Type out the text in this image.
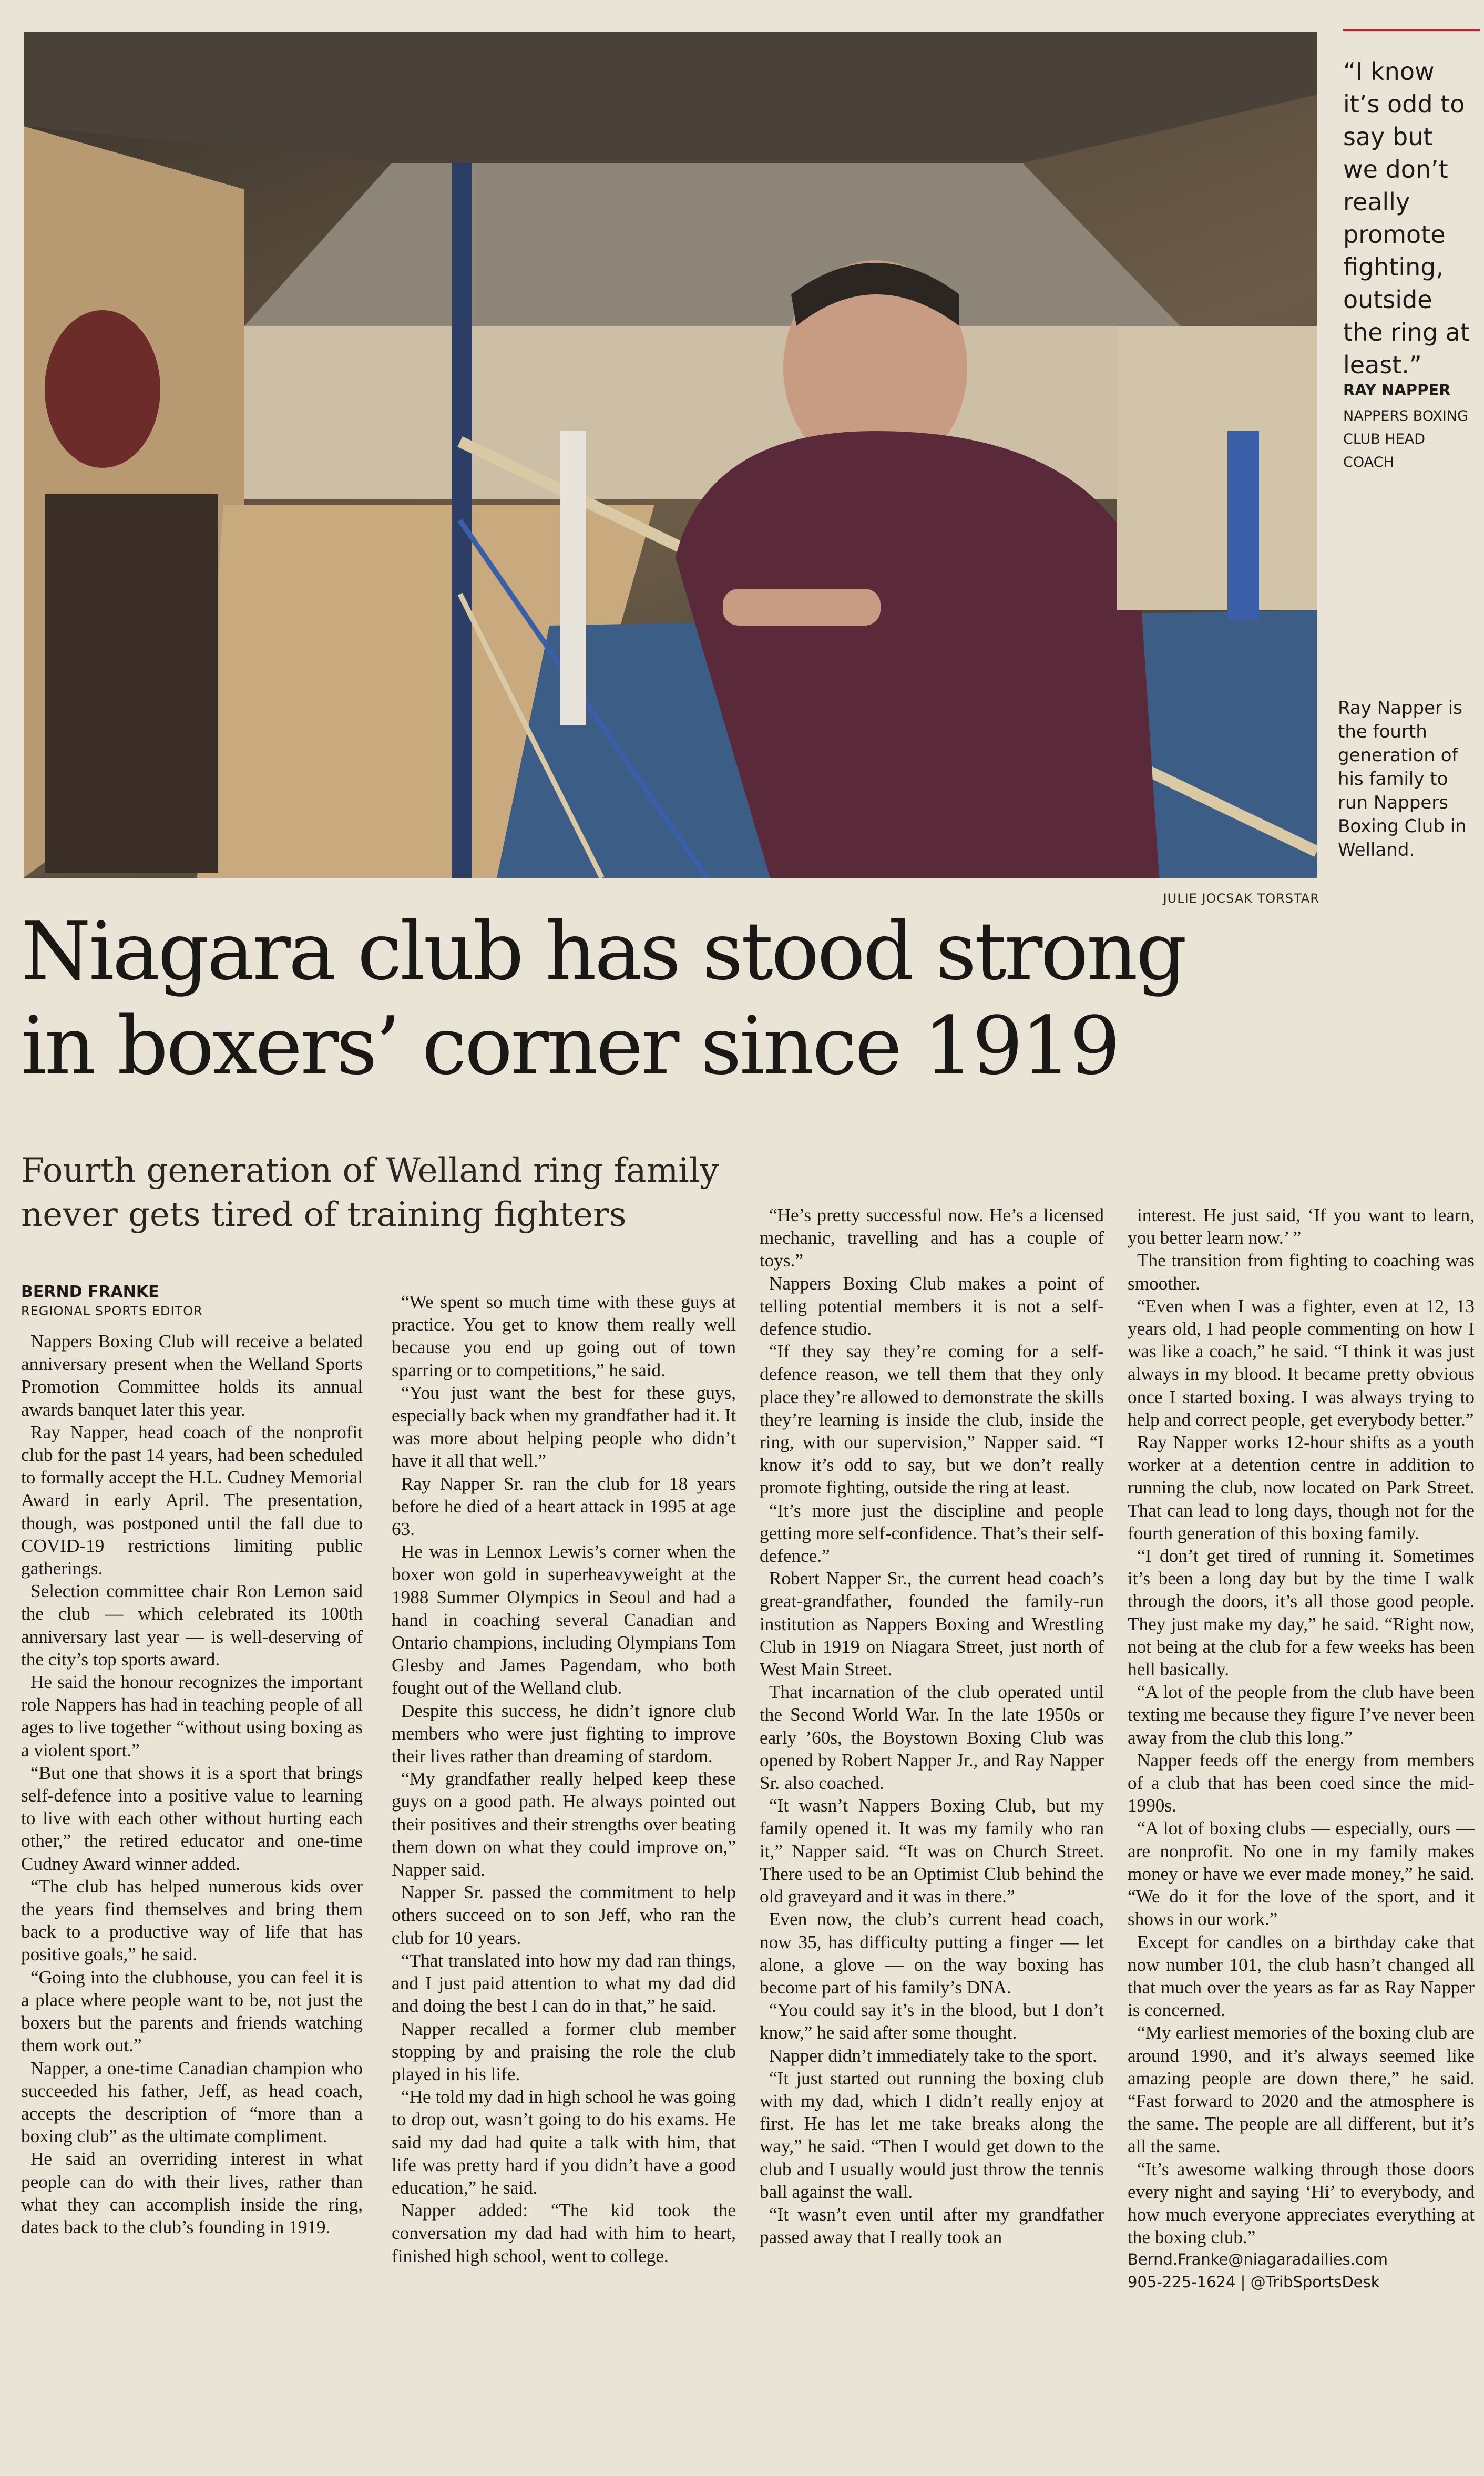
JULIE JOCSAK TORSTAR
“I know it’s odd to say but we don’t really promote fighting, outside the ring at least.”
RAY NAPPER
NAPPERS BOXING CLUB HEAD COACH
Ray Napper is the fourth generation of his family to run Nappers Boxing Club in Welland.
Niagara club has stood strong in boxers’ corner since 1919
Fourth generation of Welland ring family never gets tired of training fighters
BERND FRANKE
REGIONAL SPORTS EDITOR

Nappers Boxing Club will receive a belated anniversary present when the Welland Sports Promotion Committee holds its annual awards banquet later this year.

Ray Napper, head coach of the nonprofit club for the past 14 years, had been scheduled to formally accept the H.L. Cudney Memorial Award in early April. The presentation, though, was postponed until the fall due to COVID-19 restrictions limiting public gatherings.

Selection committee chair Ron Lemon said the club — which celebrated its 100th anniversary last year — is well-deserving of the city’s top sports award.

He said the honour recognizes the important role Nappers has had in teaching people of all ages to live together “without using boxing as a violent sport.”

“But one that shows it is a sport that brings self-defence into a positive value to learning to live with each other without hurting each other,” the retired educator and one-time Cudney Award winner added.

“The club has helped numerous kids over the years find themselves and bring them back to a productive way of life that has positive goals,” he said.

“Going into the clubhouse, you can feel it is a place where people want to be, not just the boxers but the parents and friends watching them work out.”

Napper, a one-time Canadian champion who succeeded his father, Jeff, as head coach, accepts the description of “more than a boxing club” as the ultimate compliment.

He said an overriding interest in what people can do with their lives, rather than what they can accomplish inside the ring, dates back to the club’s founding in 1919.

“We spent so much time with these guys at practice. You get to know them really well because you end up going out of town sparring or to competitions,” he said.

“You just want the best for these guys, especially back when my grandfather had it. It was more about helping people who didn’t have it all that well.”

Ray Napper Sr. ran the club for 18 years before he died of a heart attack in 1995 at age 63.

He was in Lennox Lewis’s corner when the boxer won gold in superheavyweight at the 1988 Summer Olympics in Seoul and had a hand in coaching several Canadian and Ontario champions, including Olympians Tom Glesby and James Pagendam, who both fought out of the Welland club.

Despite this success, he didn’t ignore club members who were just fighting to improve their lives rather than dreaming of stardom.

“My grandfather really helped keep these guys on a good path. He always pointed out their positives and their strengths over beating them down on what they could improve on,” Napper said.

Napper Sr. passed the commitment to help others succeed on to son Jeff, who ran the club for 10 years.

“That translated into how my dad ran things, and I just paid attention to what my dad did and doing the best I can do in that,” he said.

Napper recalled a former club member stopping by and praising the role the club played in his life.

“He told my dad in high school he was going to drop out, wasn’t going to do his exams. He said my dad had quite a talk with him, that life was pretty hard if you didn’t have a good education,” he said.

Napper added: “The kid took the conversation my dad had with him to heart, finished high school, went to college.

“He’s pretty successful now. He’s a licensed mechanic, travelling and has a couple of toys.”

Nappers Boxing Club makes a point of telling potential members it is not a self-defence studio.

“If they say they’re coming for a self-defence reason, we tell them that they only place they’re allowed to demonstrate the skills they’re learning is inside the club, inside the ring, with our supervision,” Napper said. “I know it’s odd to say, but we don’t really promote fighting, outside the ring at least.

“It’s more just the discipline and people getting more self-confidence. That’s their self-defence.”

Robert Napper Sr., the current head coach’s great-grandfather, founded the family-run institution as Nappers Boxing and Wrestling Club in 1919 on Niagara Street, just north of West Main Street.

That incarnation of the club operated until the Second World War. In the late 1950s or early ’60s, the Boystown Boxing Club was opened by Robert Napper Jr., and Ray Napper Sr. also coached.

“It wasn’t Nappers Boxing Club, but my family opened it. It was my family who ran it,” Napper said. “It was on Church Street. There used to be an Optimist Club behind the old graveyard and it was in there.”

Even now, the club’s current head coach, now 35, has difficulty putting a finger — let alone, a glove — on the way boxing has become part of his family’s DNA.

“You could say it’s in the blood, but I don’t know,” he said after some thought.

Napper didn’t immediately take to the sport.

“It just started out running the boxing club with my dad, which I didn’t really enjoy at first. He has let me take breaks along the way,” he said. “Then I would get down to the club and I usually would just throw the tennis ball against the wall.

“It wasn’t even until after my grandfather passed away that I really took an

interest. He just said, ‘If you want to learn, you better learn now.’ ”

The transition from fighting to coaching was smoother.

“Even when I was a fighter, even at 12, 13 years old, I had people commenting on how I was like a coach,” he said. “I think it was just always in my blood. It became pretty obvious once I started boxing. I was always trying to help and correct people, get everybody better.”

Ray Napper works 12-hour shifts as a youth worker at a detention centre in addition to running the club, now located on Park Street. That can lead to long days, though not for the fourth generation of this boxing family.

“I don’t get tired of running it. Sometimes it’s been a long day but by the time I walk through the doors, it’s all those good people. They just make my day,” he said. “Right now, not being at the club for a few weeks has been hell basically.

“A lot of the people from the club have been texting me because they figure I’ve never been away from the club this long.”

Napper feeds off the energy from members of a club that has been coed since the mid-1990s.

“A lot of boxing clubs — especially, ours — are nonprofit. No one in my family makes money or have we ever made money,” he said. “We do it for the love of the sport, and it shows in our work.”

Except for candles on a birthday cake that now number 101, the club hasn’t changed all that much over the years as far as Ray Napper is concerned.

“My earliest memories of the boxing club are around 1990, and it’s always seemed like amazing people are down there,” he said. “Fast forward to 2020 and the atmosphere is the same. The people are all different, but it’s all the same.

“It’s awesome walking through those doors every night and saying ‘Hi’ to everybody, and how much everyone appreciates everything at the boxing club.”

Bernd.Franke@niagaradailies.com
905-225-1624 | @TribSportsDesk
